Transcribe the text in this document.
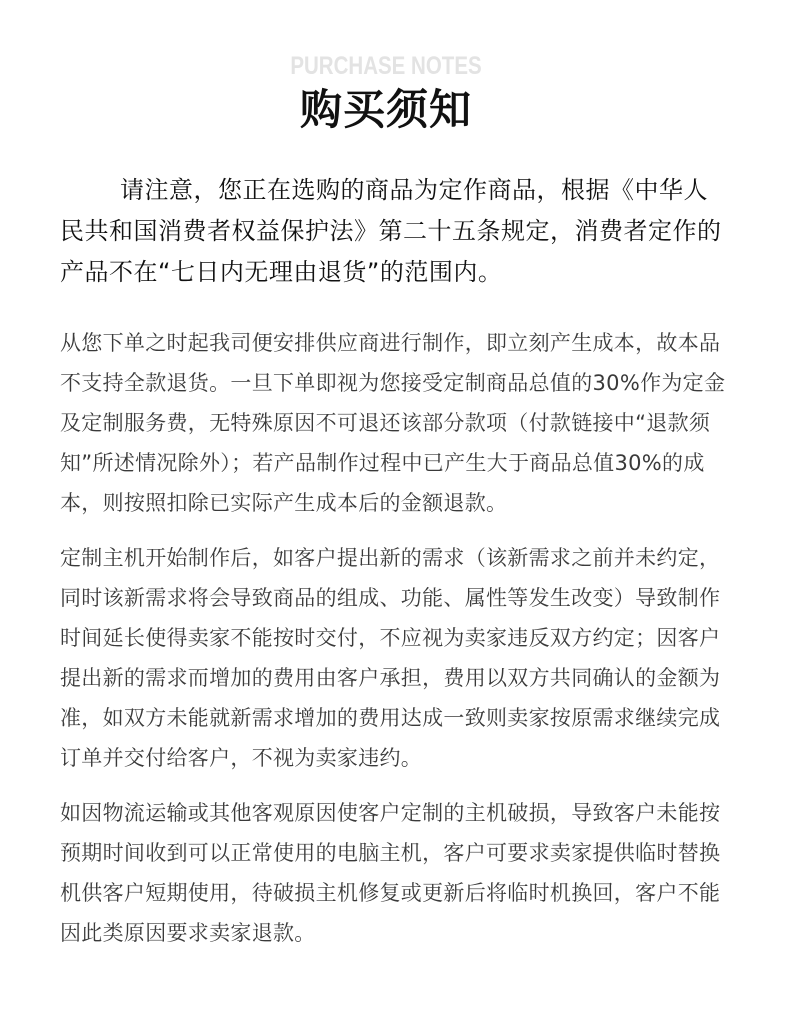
PURCHASE NOTES
购买须知

请注意，您正在选购的商品为定作商品，根据《中华人民共和国消费者权益保护法》第二十五条规定，消费者定作的产品不在“七日内无理由退货”的范围内。

从您下单之时起我司便安排供应商进行制作，即立刻产生成本，故本品不支持全款退货。一旦下单即视为您接受定制商品总值的30%作为定金及定制服务费，无特殊原因不可退还该部分款项（付款链接中“退款须知”所述情况除外）；若产品制作过程中已产生大于商品总值30%的成本，则按照扣除已实际产生成本后的金额退款。

定制主机开始制作后，如客户提出新的需求（该新需求之前并未约定，同时该新需求将会导致商品的组成、功能、属性等发生改变）导致制作时间延长使得卖家不能按时交付，不应视为卖家违反双方约定；因客户提出新的需求而增加的费用由客户承担，费用以双方共同确认的金额为准，如双方未能就新需求增加的费用达成一致则卖家按原需求继续完成订单并交付给客户，不视为卖家违约。

如因物流运输或其他客观原因使客户定制的主机破损，导致客户未能按预期时间收到可以正常使用的电脑主机，客户可要求卖家提供临时替换机供客户短期使用，待破损主机修复或更新后将临时机换回，客户不能因此类原因要求卖家退款。
